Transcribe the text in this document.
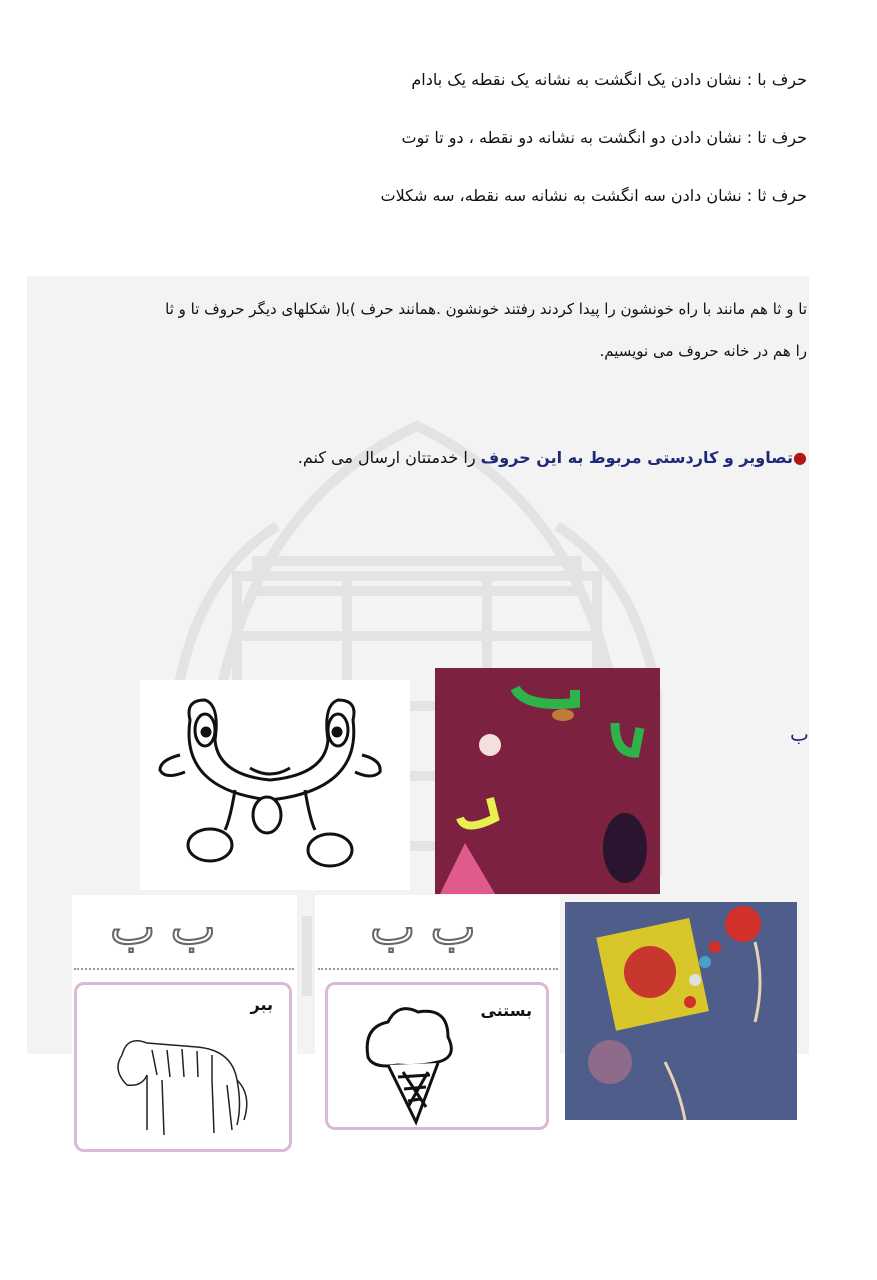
حرف با : نشان دادن یک انگشت به نشانه یک نقطه یک بادام
حرف تا : نشان دادن دو انگشت به نشانه دو نقطه ، دو تا توت
حرف ثا : نشان دادن سه انگشت به نشانه سه نقطه، سه شکلات
تا و ثا هم مانند با راه خونشون را پیدا کردند رفتند خونشون .همانند حرف )با( شکلهای دیگر حروف تا و ثا
را هم در خانه حروف می نویسیم.
●تصاویر و کاردستی مربوط به این حروف را خدمتتان ارسال می کنم.
ب
ب ب
ببر
ب ب
بستنی
